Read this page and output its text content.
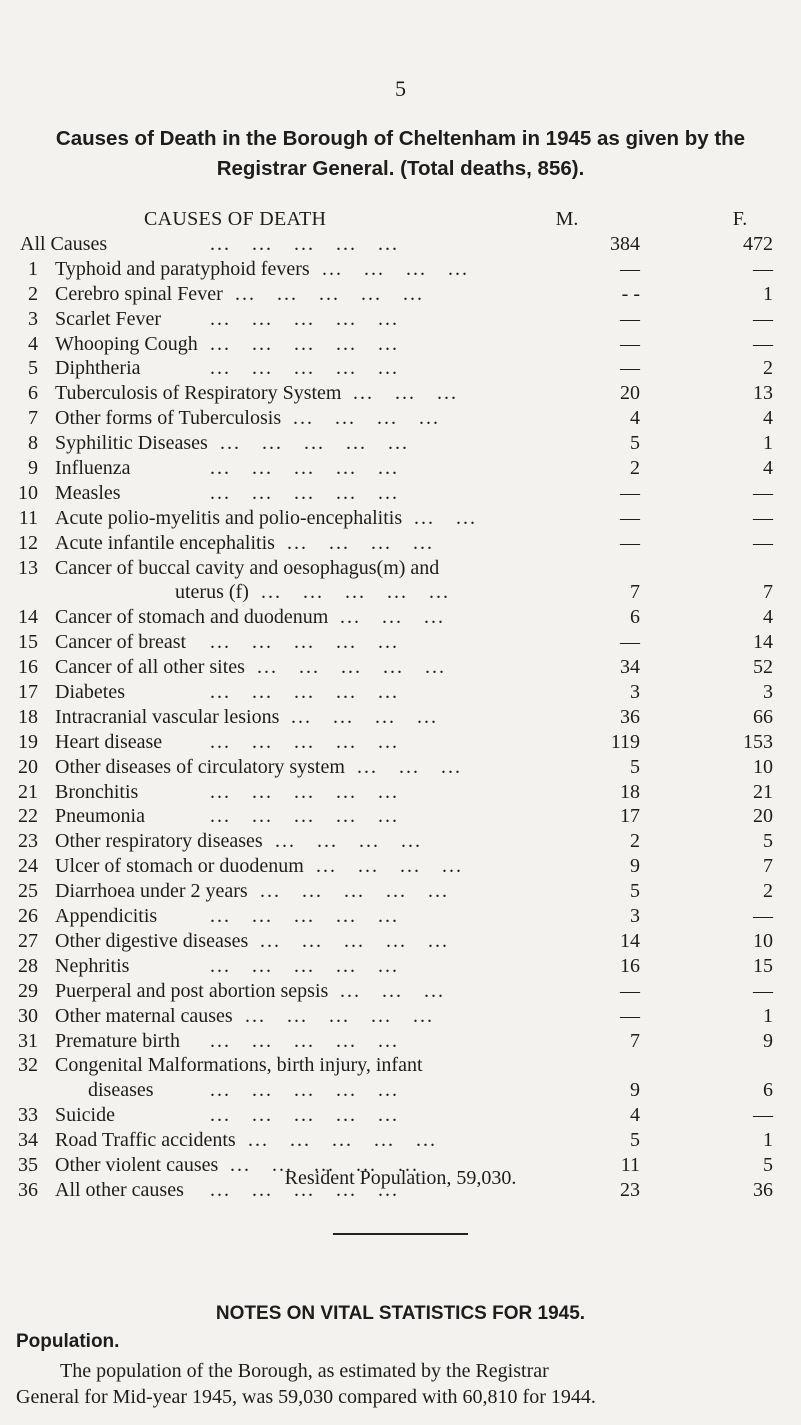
5
Causes of Death in the Borough of Cheltenham in 1945 as given by the
Registrar General. (Total deaths, 856).
CAUSES OF DEATH	M.	F.
All Causes	... ... ... ... ...	384	472
1 Typhoid and paratyphoid fevers ... ... ... ...	—	—
2 Cerebro spinal Fever ... ... ... ... ...	- -	1
3 Scarlet Fever ... ... ... ... ...	—	—
4 Whooping Cough ... ... ... ... ...	—	—
5 Diphtheria	... ... ... ... ...	—	2
6 Tuberculosis of Respiratory System ... ... ...	20	13
7 Other forms of Tuberculosis ... ... ... ...	4	4
8 Syphilitic Diseases ... ... ... ... ...	5	1
9 Influenza	... ... ... ... ...	2	4
10 Measles	... ... ... ... ...	—	—
11 Acute polio-myelitis and polio-encephalitis ... ...	—	—
12 Acute infantile encephalitis ... ... ... ...	—	—
13 Cancer of buccal cavity and oesophagus(m) and
uterus (f) ... ... ... ... ...	7	7
14 Cancer of stomach and duodenum ... ... ...	6	4
15 Cancer of breast ... ... ... ... ...	—	14
16 Cancer of all other sites ... ... ... ... ...	34	52
17 Diabetes	... ... ... ... ...	3	3
18 Intracranial vascular lesions ... ... ... ...	36	66
19 Heart disease ... ... ... ... ...	119	153
20 Other diseases of circulatory system ... ... ...	5	10
21 Bronchitis	... ... ... ... ...	18	21
22 Pneumonia	... ... ... ... ...	17	20
23 Other respiratory diseases ... ... ... ...	2	5
24 Ulcer of stomach or duodenum ... ... ... ...	9	7
25 Diarrhoea under 2 years ... ... ... ... ...	5	2
26 Appendicitis	... ... ... ... ...	3	—
27 Other digestive diseases ... ... ... ... ...	14	10
28 Nephritis	... ... ... ... ...	16	15
29 Puerperal and post abortion sepsis ... ... ...	—	—
30 Other maternal causes ... ... ... ... ...	—	1
31 Premature birth ... ... ... ... ...	7	9
32 Congenital Malformations, birth injury, infant
diseases	... ... ... ... ...	9	6
33 Suicide	... ... ... ... ...	4	—
34 Road Traffic accidents ... ... ... ... ...	5	1
35 Other violent causes ... ... ... ... ...	11	5
36 All other causes ... ... ... ... ...	23	36
Resident Population, 59,030.
NOTES ON VITAL STATISTICS FOR 1945.
Population.
The population of the Borough, as estimated by the Registrar
General for Mid-year 1945, was 59,030 compared with 60,810 for 1944.
